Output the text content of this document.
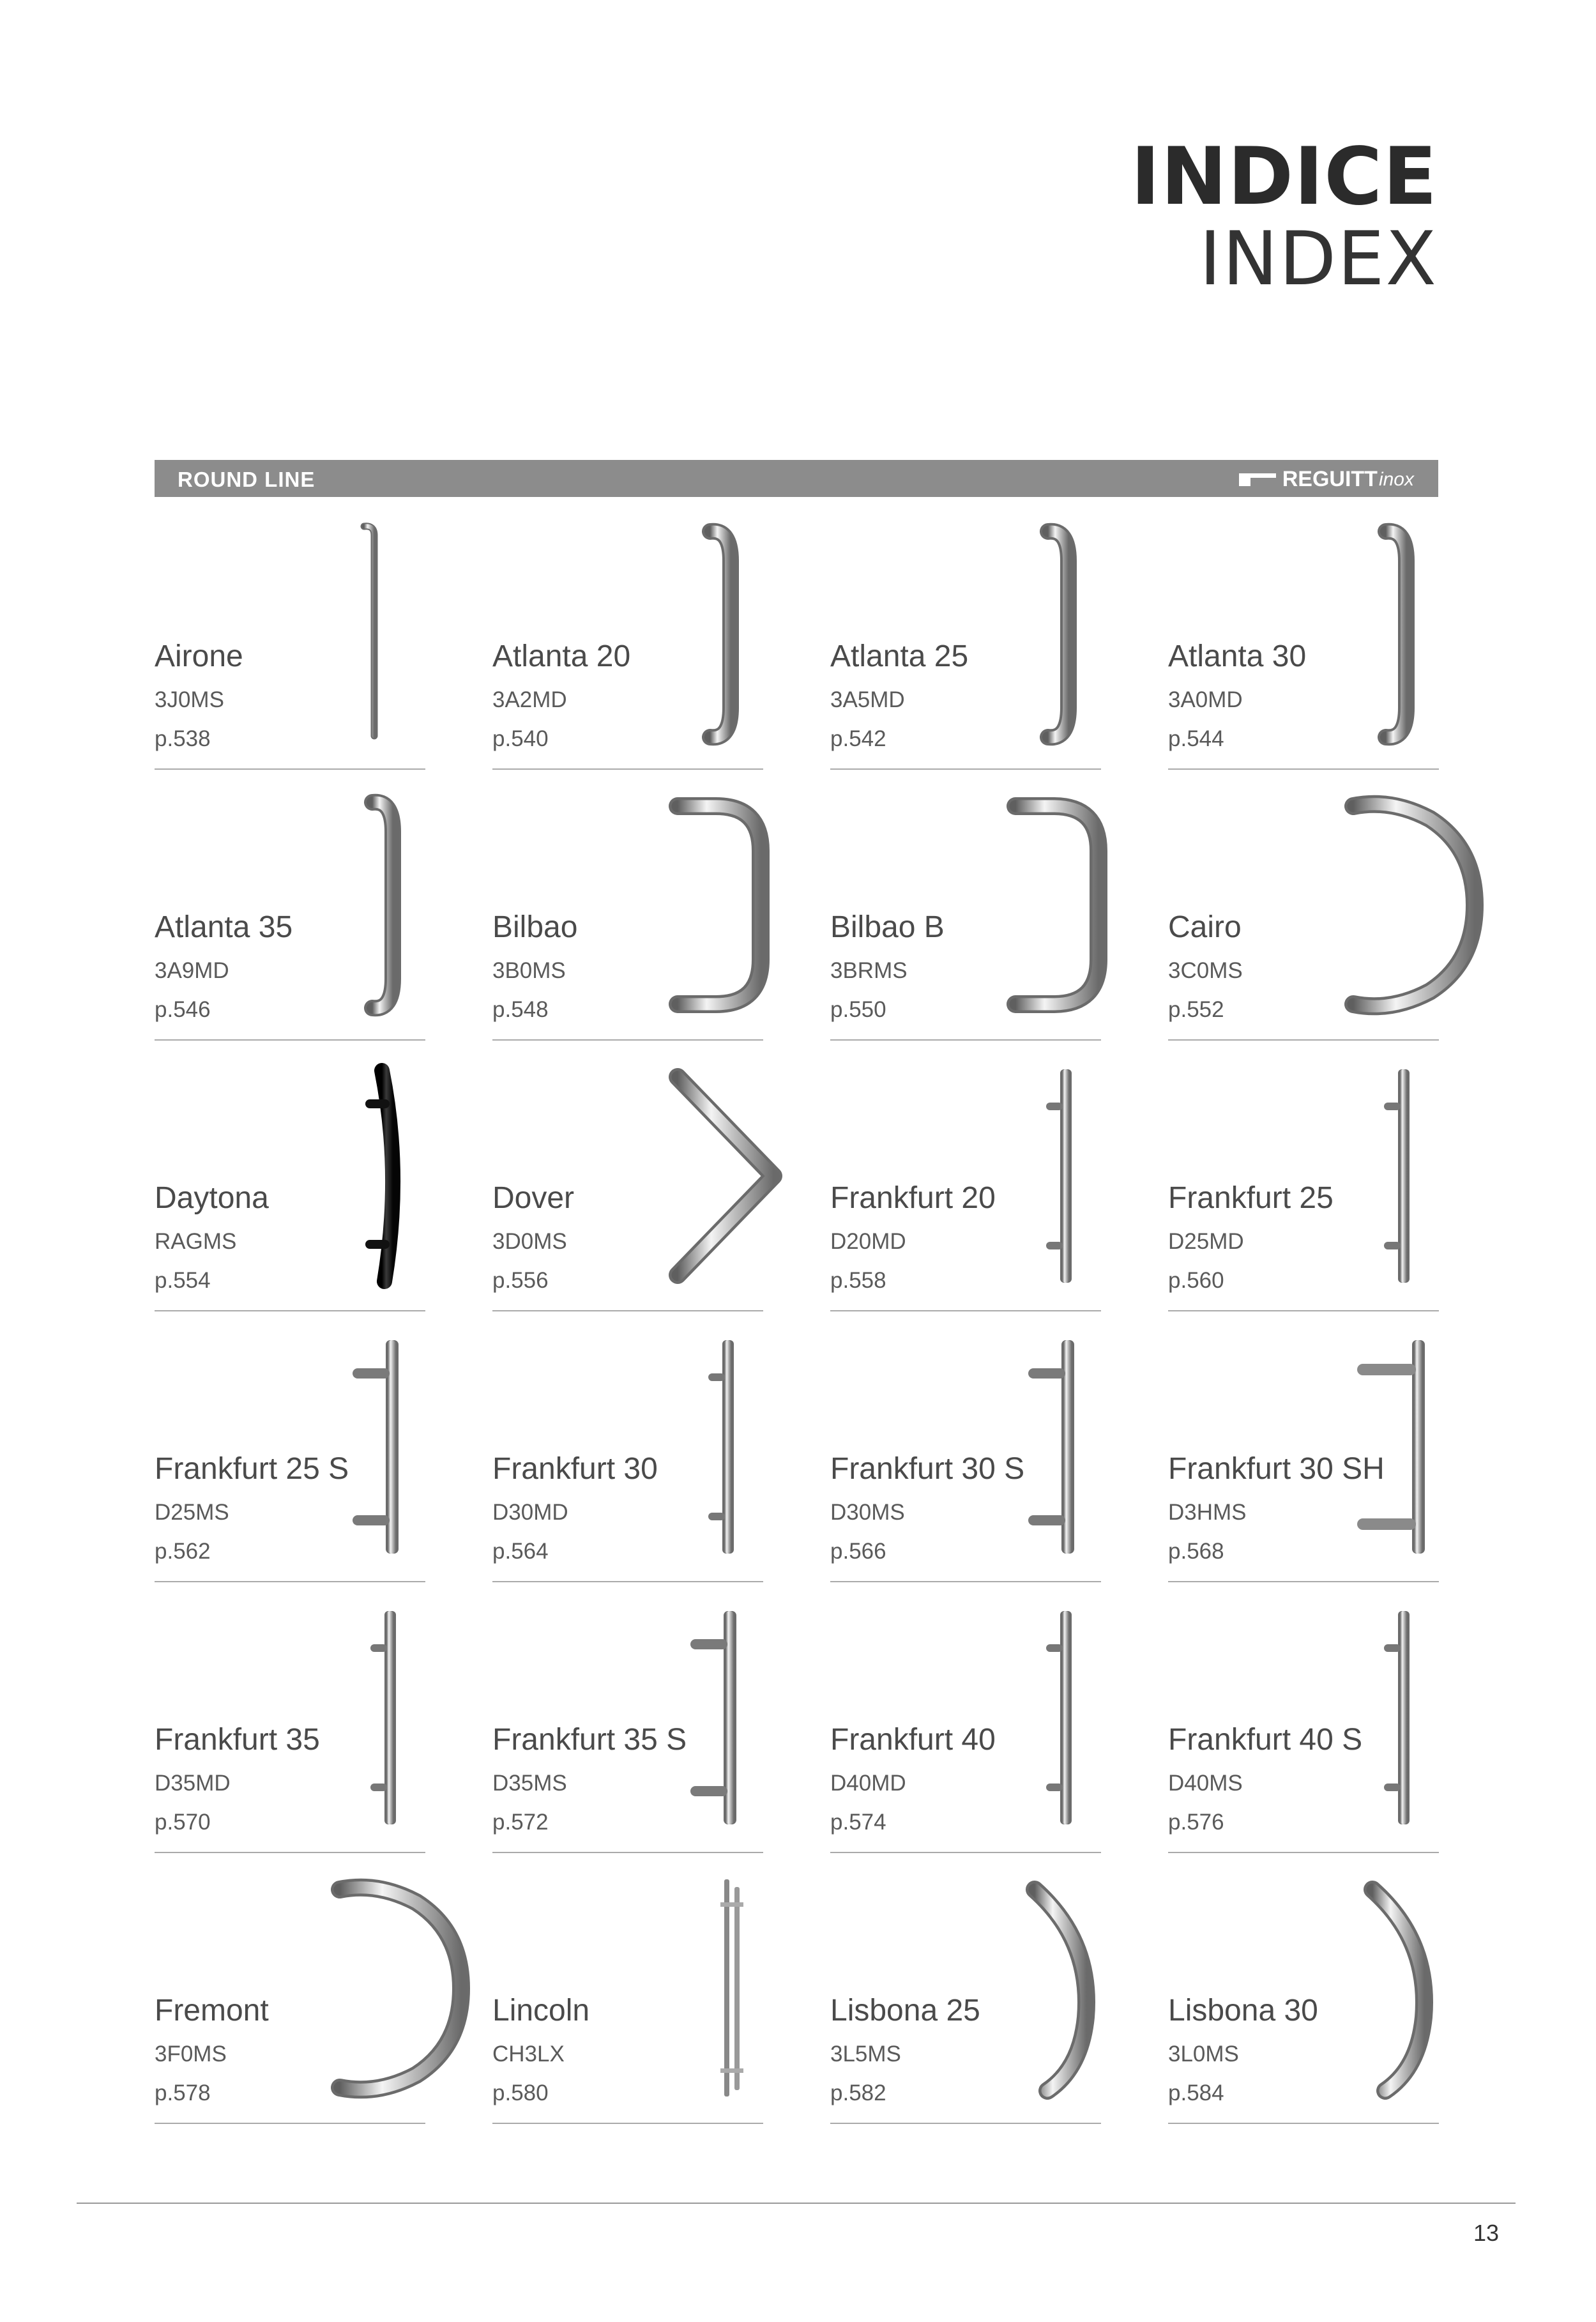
INDICE
INDEX
ROUND LINE	REGUITT inox
Airone
3J0MS
p.538
Atlanta 20
3A2MD
p.540
Atlanta 25
3A5MD
p.542
Atlanta 30
3A0MD
p.544
Atlanta 35
3A9MD
p.546
Bilbao
3B0MS
p.548
Bilbao B
3BRMS
p.550
Cairo
3C0MS
p.552
Daytona
RAGMS
p.554
Dover
3D0MS
p.556
Frankfurt 20
D20MD
p.558
Frankfurt 25
D25MD
p.560
Frankfurt 25 S
D25MS
p.562
Frankfurt 30
D30MD
p.564
Frankfurt 30 S
D30MS
p.566
Frankfurt 30 SH
D3HMS
p.568
Frankfurt 35
D35MD
p.570
Frankfurt 35 S
D35MS
p.572
Frankfurt 40
D40MD
p.574
Frankfurt 40 S
D40MS
p.576
Fremont
3F0MS
p.578
Lincoln
CH3LX
p.580
Lisbona 25
3L5MS
p.582
Lisbona 30
3L0MS
p.584
13
